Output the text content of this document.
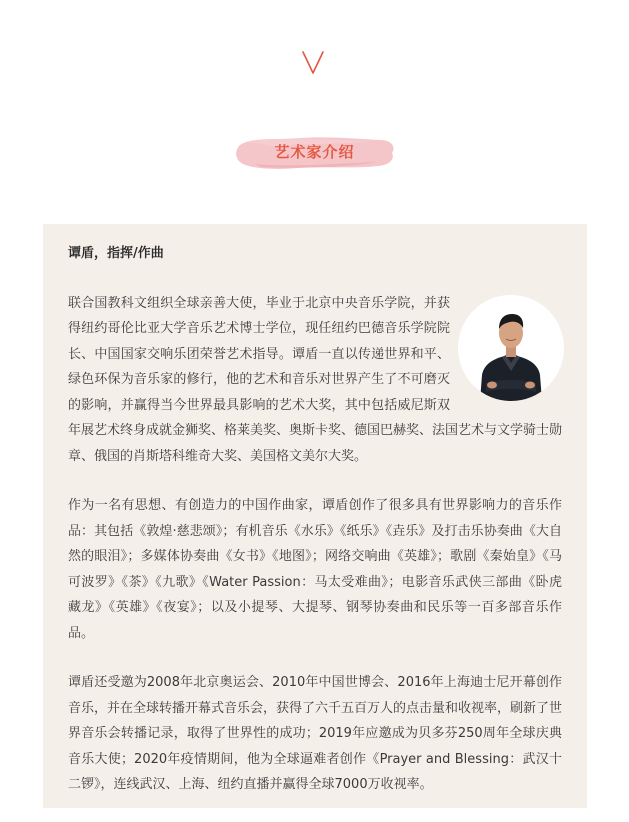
艺术家介绍

谭盾，指挥/作曲

联合国教科文组织全球亲善大使，毕业于北京中央音乐学院，并获得纽约哥伦比亚大学音乐艺术博士学位，现任纽约巴德音乐学院院长、中国国家交响乐团荣誉艺术指导。谭盾一直以传递世界和平、绿色环保为音乐家的修行，他的艺术和音乐对世界产生了不可磨灭的影响，并赢得当今世界最具影响的艺术大奖，其中包括威尼斯双年展艺术终身成就金狮奖、格莱美奖、奥斯卡奖、德国巴赫奖、法国艺术与文学骑士勋章、俄国的肖斯塔科维奇大奖、美国格文美尔大奖。

作为一名有思想、有创造力的中国作曲家，谭盾创作了很多具有世界影响力的音乐作品：其包括《敦煌·慈悲颂》；有机音乐《水乐》《纸乐》《垚乐》及打击乐协奏曲《大自然的眼泪》；多媒体协奏曲《女书》《地图》；网络交响曲《英雄》；歌剧《秦始皇》《马可波罗》《茶》《九歌》《Water Passion：马太受难曲》；电影音乐武侠三部曲《卧虎藏龙》《英雄》《夜宴》；以及小提琴、大提琴、钢琴协奏曲和民乐等一百多部音乐作品。

谭盾还受邀为2008年北京奥运会、2010年中国世博会、2016年上海迪士尼开幕创作音乐，并在全球转播开幕式音乐会，获得了六千五百万人的点击量和收视率，刷新了世界音乐会转播记录，取得了世界性的成功；2019年应邀成为贝多芬250周年全球庆典音乐大使；2020年疫情期间，他为全球逼难者创作《Prayer and Blessing：武汉十二锣》，连线武汉、上海、纽约直播并赢得全球7000万收视率。
